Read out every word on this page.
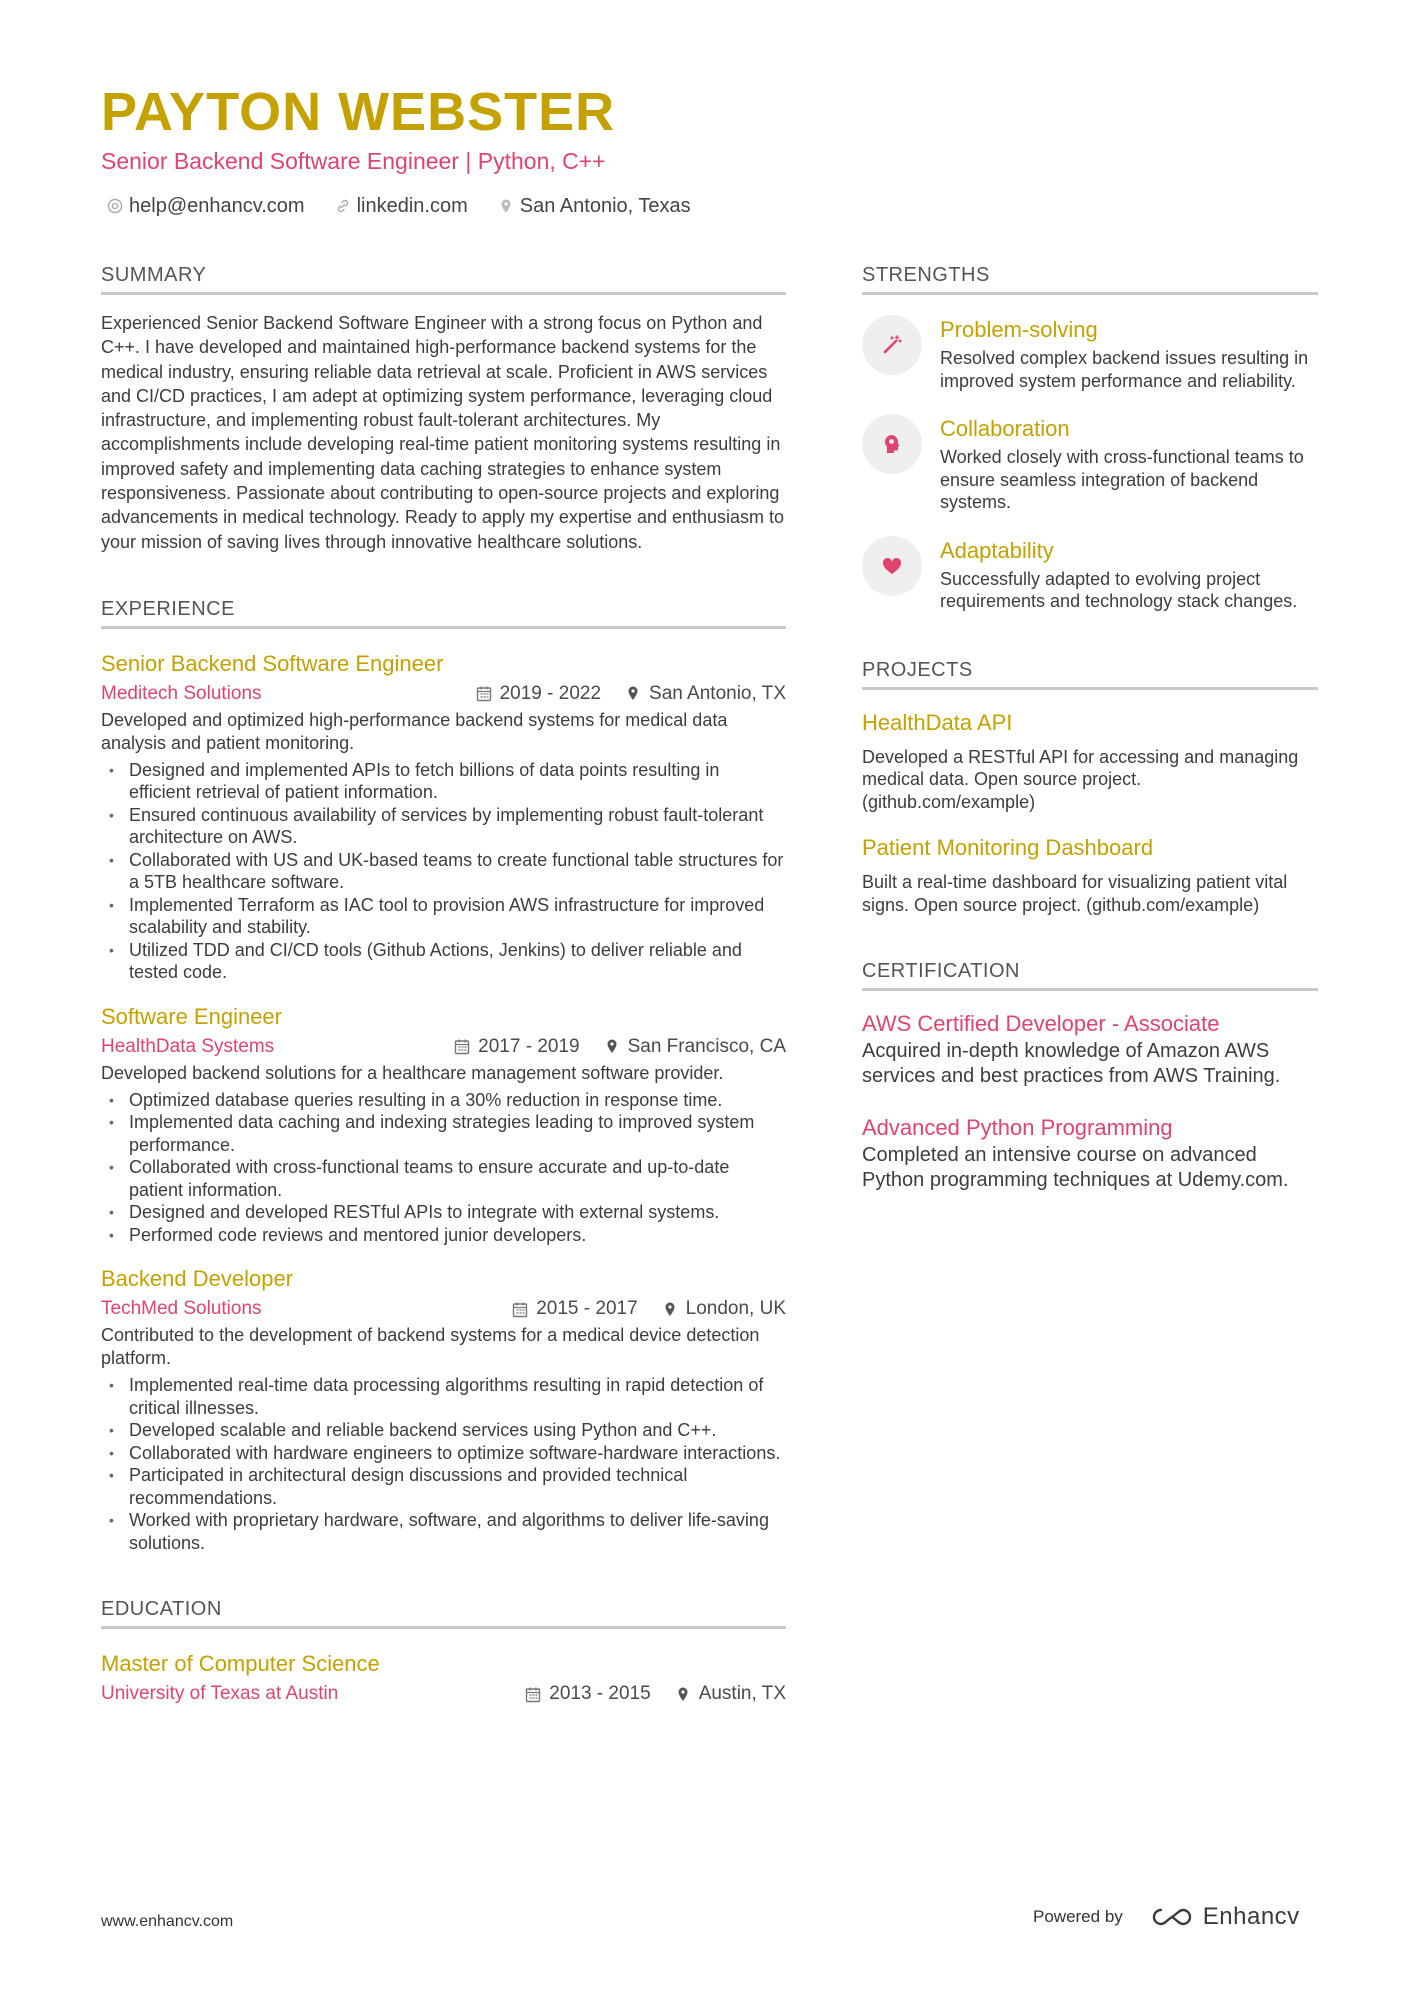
PAYTON WEBSTER
Senior Backend Software Engineer | Python, C++
help@enhancv.com	linkedin.com	San Antonio, Texas
SUMMARY
Experienced Senior Backend Software Engineer with a strong focus on Python and C++. I have developed and maintained high-performance backend systems for the medical industry, ensuring reliable data retrieval at scale. Proficient in AWS services and CI/CD practices, I am adept at optimizing system performance, leveraging cloud infrastructure, and implementing robust fault-tolerant architectures. My accomplishments include developing real-time patient monitoring systems resulting in improved safety and implementing data caching strategies to enhance system responsiveness. Passionate about contributing to open-source projects and exploring advancements in medical technology. Ready to apply my expertise and enthusiasm to your mission of saving lives through innovative healthcare solutions.
EXPERIENCE
Senior Backend Software Engineer
Meditech Solutions	2019 - 2022	San Antonio, TX
Developed and optimized high-performance backend systems for medical data analysis and patient monitoring.
• Designed and implemented APIs to fetch billions of data points resulting in efficient retrieval of patient information.
• Ensured continuous availability of services by implementing robust fault-tolerant architecture on AWS.
• Collaborated with US and UK-based teams to create functional table structures for a 5TB healthcare software.
• Implemented Terraform as IAC tool to provision AWS infrastructure for improved scalability and stability.
• Utilized TDD and CI/CD tools (Github Actions, Jenkins) to deliver reliable and tested code.
Software Engineer
HealthData Systems	2017 - 2019	San Francisco, CA
Developed backend solutions for a healthcare management software provider.
• Optimized database queries resulting in a 30% reduction in response time.
• Implemented data caching and indexing strategies leading to improved system performance.
• Collaborated with cross-functional teams to ensure accurate and up-to-date patient information.
• Designed and developed RESTful APIs to integrate with external systems.
• Performed code reviews and mentored junior developers.
Backend Developer
TechMed Solutions	2015 - 2017	London, UK
Contributed to the development of backend systems for a medical device detection platform.
• Implemented real-time data processing algorithms resulting in rapid detection of critical illnesses.
• Developed scalable and reliable backend services using Python and C++.
• Collaborated with hardware engineers to optimize software-hardware interactions.
• Participated in architectural design discussions and provided technical recommendations.
• Worked with proprietary hardware, software, and algorithms to deliver life-saving solutions.
EDUCATION
Master of Computer Science
University of Texas at Austin	2013 - 2015	Austin, TX
STRENGTHS
Problem-solving
Resolved complex backend issues resulting in improved system performance and reliability.
Collaboration
Worked closely with cross-functional teams to ensure seamless integration of backend systems.
Adaptability
Successfully adapted to evolving project requirements and technology stack changes.
PROJECTS
HealthData API
Developed a RESTful API for accessing and managing medical data. Open source project. (github.com/example)
Patient Monitoring Dashboard
Built a real-time dashboard for visualizing patient vital signs. Open source project. (github.com/example)
CERTIFICATION
AWS Certified Developer - Associate
Acquired in-depth knowledge of Amazon AWS services and best practices from AWS Training.
Advanced Python Programming
Completed an intensive course on advanced Python programming techniques at Udemy.com.
www.enhancv.com	Powered by	Enhancv
